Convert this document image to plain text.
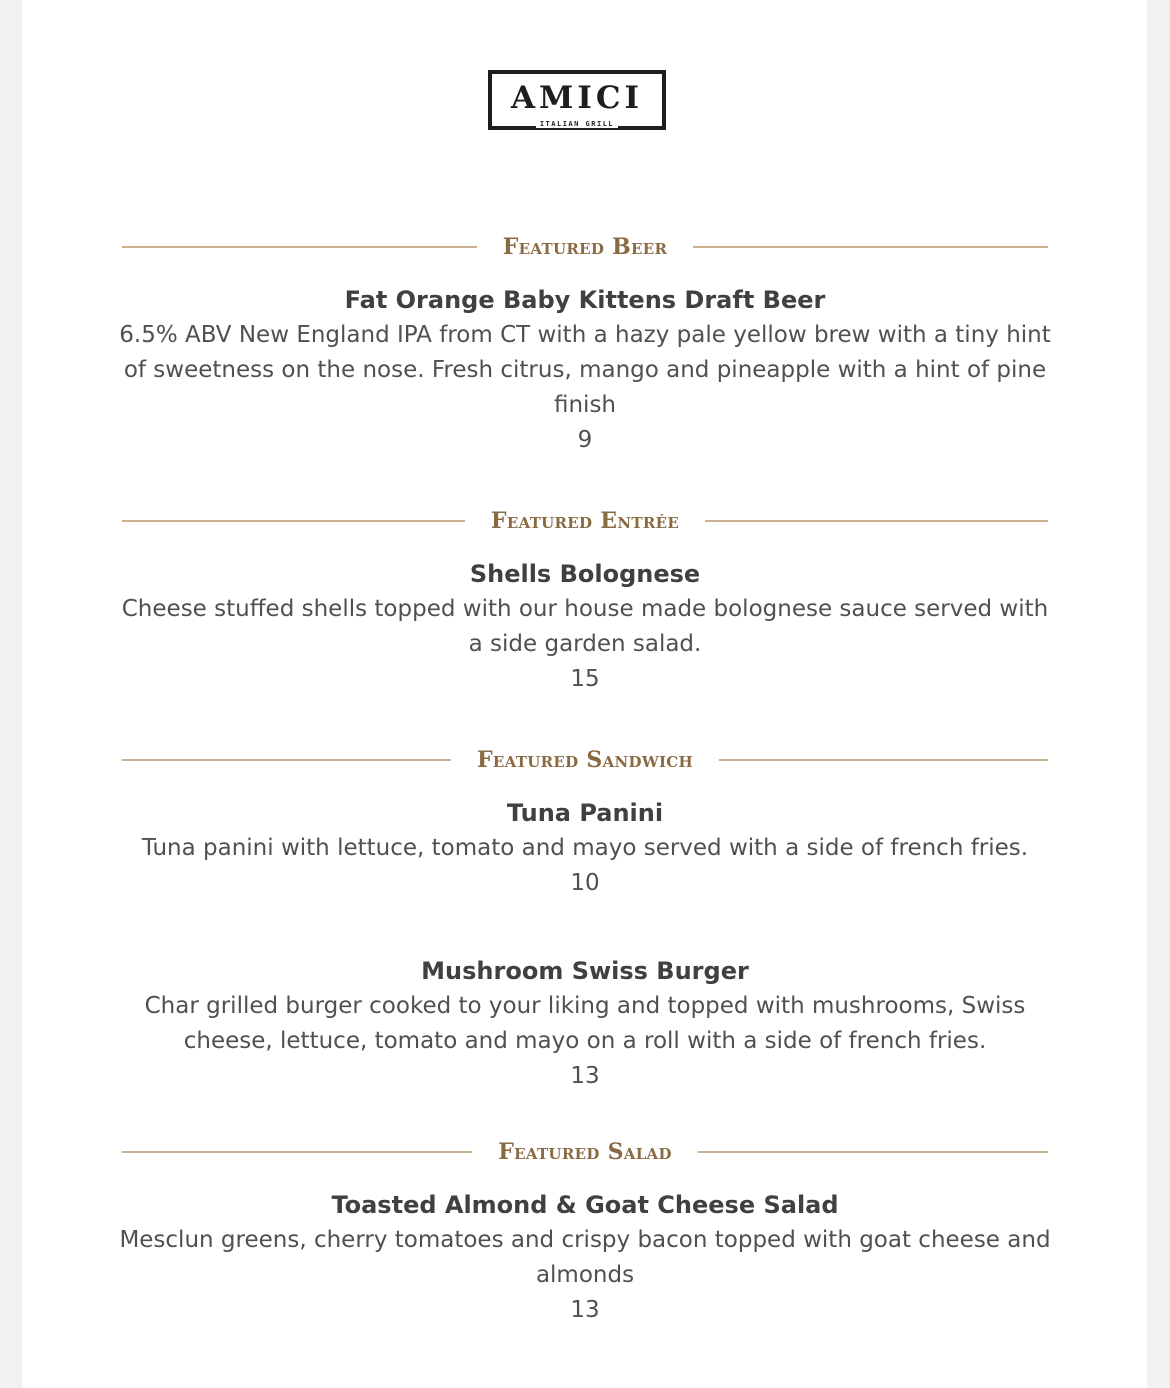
AMICI
ITALIAN GRILL
Featured Beer
Fat Orange Baby Kittens Draft Beer
6.5% ABV New England IPA from CT with a hazy pale yellow brew with a tiny hint of sweetness on the nose. Fresh citrus, mango and pineapple with a hint of pine finish
9
Featured Entrée
Shells Bolognese
Cheese stuffed shells topped with our house made bolognese sauce served with a side garden salad.
15
Featured Sandwich
Tuna Panini
Tuna panini with lettuce, tomato and mayo served with a side of french fries.
10
Mushroom Swiss Burger
Char grilled burger cooked to your liking and topped with mushrooms, Swiss cheese, lettuce, tomato and mayo on a roll with a side of french fries.
13
Featured Salad
Toasted Almond & Goat Cheese Salad
Mesclun greens, cherry tomatoes and crispy bacon topped with goat cheese and almonds
13
